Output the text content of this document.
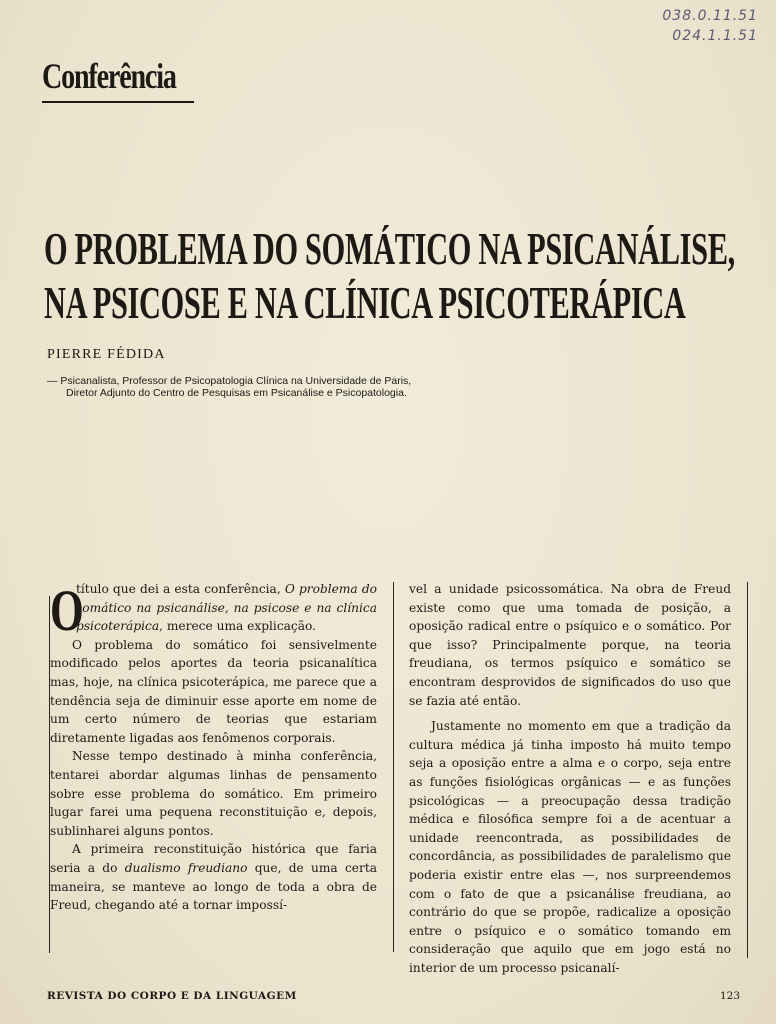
038.0.11.51
024.1.1.51
Conferência
O PROBLEMA DO SOMÁTICO NA PSICANÁLISE,
NA PSICOSE E NA CLÍNICA PSICOTERÁPICA
PIERRE FÉDIDA
— Psicanalista, Professor de Psicopatologia Clínica na Universidade de Paris,
Diretor Adjunto do Centro de Pesquisas em Psicanálise e Psicopatologia.

O
título que dei a esta conferência, O problema do somático na psicanálise, na psicose e na clínica psicoterápica, merece uma explicação.

O problema do somático foi sensivelmente modificado pelos aportes da teoria psicanalítica mas, hoje, na clínica psicoterápica, me parece que a tendência seja de diminuir esse aporte em nome de um certo número de teorias que estariam diretamente ligadas aos fenômenos corporais.

Nesse tempo destinado à minha conferência, tentarei abordar algumas linhas de pensamento sobre esse problema do somático. Em primeiro lugar farei uma pequena reconstituição e, depois, sublinharei alguns pontos.

A primeira reconstituição histórica que faria seria a do dualismo freudiano que, de uma certa maneira, se manteve ao longo de toda a obra de Freud, chegando até a tornar impossí-

vel a unidade psicossomática. Na obra de Freud existe como que uma tomada de posição, a oposição radical entre o psíquico e o somático. Por que isso? Principalmente porque, na teoria freudiana, os termos psíquico e somático se encontram desprovidos de significados do uso que se fazia até então.

Justamente no momento em que a tradição da cultura médica já tinha imposto há muito tempo seja a oposição entre a alma e o corpo, seja entre as funções fisiológicas orgânicas — e as funções psicológicas — a preocupação dessa tradição médica e filosófica sempre foi a de acentuar a unidade reencontrada, as possibilidades de concordância, as possibilidades de paralelismo que poderia existir entre elas —, nos surpreendemos com o fato de que a psicanálise freudiana, ao contrário do que se propõe, radicalize a oposição entre o psíquico e o somático tomando em consideração que aquilo que em jogo está no interior de um processo psicanalí-

REVISTA DO CORPO E DA LINGUAGEM	123
